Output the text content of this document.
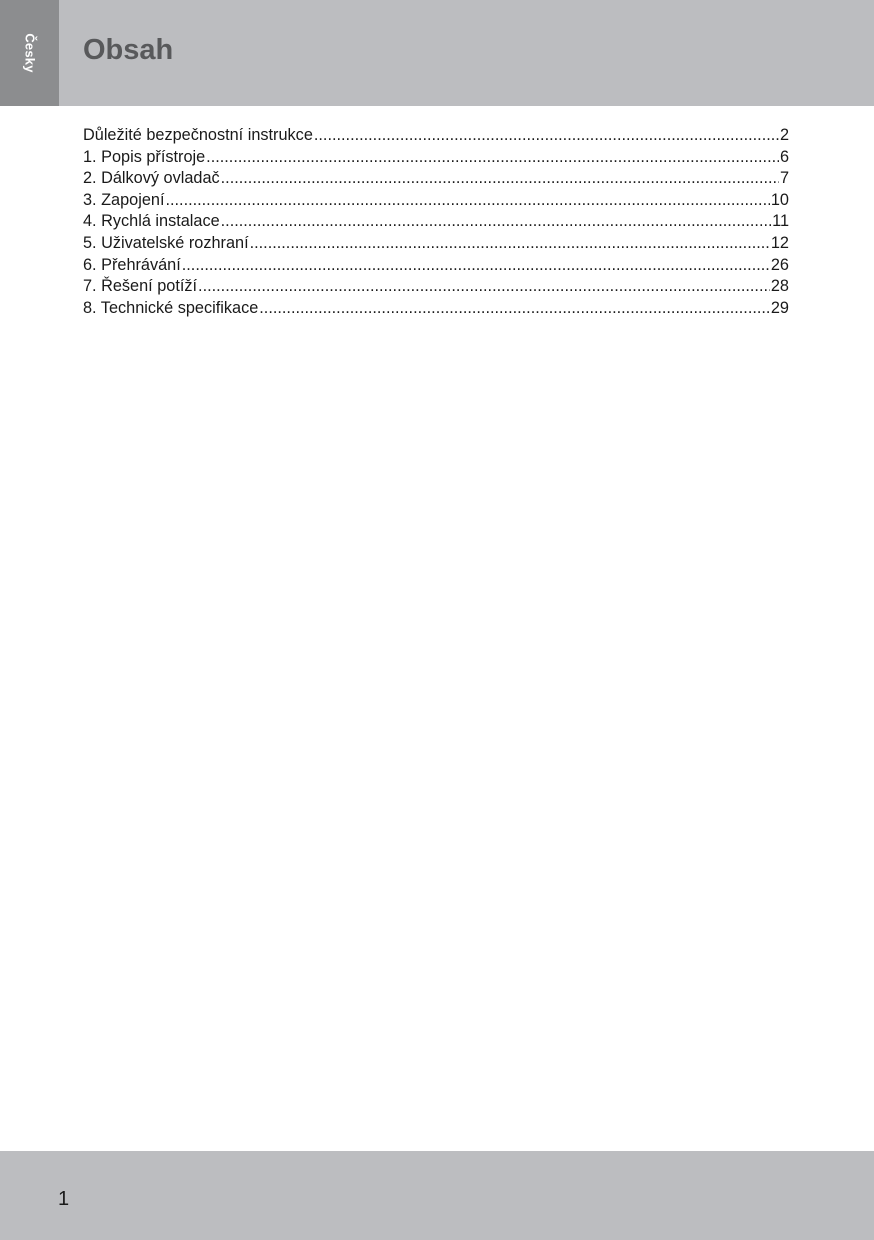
Česky Obsah
Důležité bezpečnostní instrukce .....	2
1. Popis přístroje .....	6
2. Dálkový ovladač .....	7
3. Zapojení .....	10
4. Rychlá instalace .....	11
5. Uživatelské rozhraní .....	12
6. Přehrávání .....	26
7. Řešení potíží .....	28
8. Technické specifikace .....	29
1
